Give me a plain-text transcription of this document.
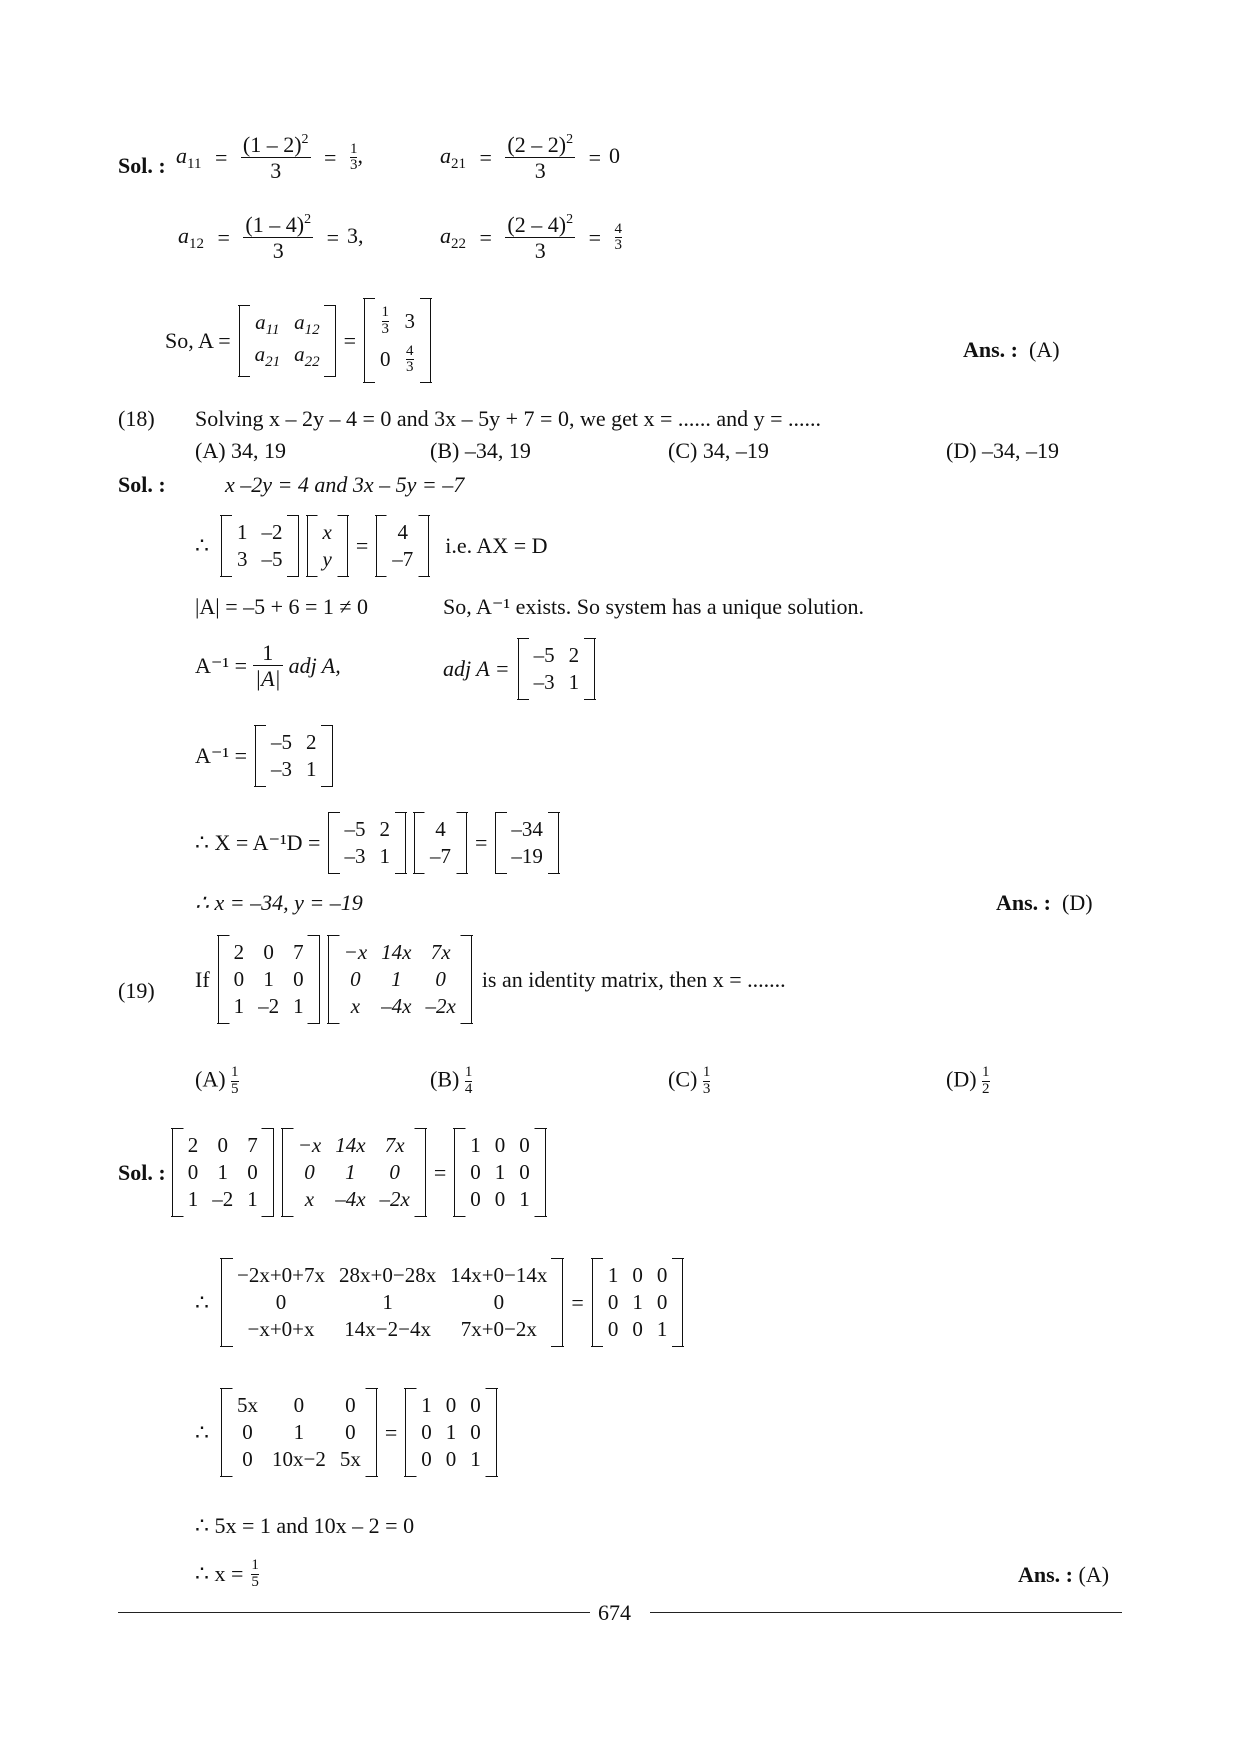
Sol. : $a_{11} = \frac{(1 - 2)^2}{3} = \frac{1}{3}$ ,	$a_{21} = \frac{(2 - 2)^2}{3} = 0$
$a_{12} = \frac{(1 - 4)^2}{3} = 3$,	$a_{22} = \frac{(2 - 4)^2}{3} = \frac{4}{3}$
So, A =
$a_{11}$	$a_{12}$
$a_{21}$	$a_{22}$
=
$\frac{1}{3}$	3
0	$\frac{4}{3}$	Ans. : (A)
(18) Solving x – 2y – 4 = 0 and 3x – 5y + 7 = 0, we get x = ...... and y = ......
(A) 34, 19	(B) –34, 19	(C) 34, –19	(D) –34, –19
Sol. :	x –2y = 4 and 3x – 5y = –7
∴
1	–2
3	–5
x
y
=
4
–7
i.e. AX = D
|A| = –5 + 6 = 1 ≠ 0	So, A⁻¹ exists. So system has a unique solution.
$A^{-1} = \frac{1}{|A|}$ adj A,	adj A =
–5	2
–3	1
A⁻¹ =
–5	2
–3	1
∴ X = A⁻¹D =
–5	2
–3	1
4
–7
=
–34
–19
∴ x = –34, y = –19	Ans. : (D)
(19) If
2	0	7
0	1	0
1	–2	1
−x	14x	7x
0	1	0
x	–4x	–2x
is an identity matrix, then x = .......
$(A) \frac{1}{5}$	$(B) \frac{1}{4}$	$(C) \frac{1}{3}$	$(D) \frac{1}{2}$
Sol. :
2	0	7
0	1	0
1	–2	1
−x	14x	7x
0	1	0
x	–4x	–2x
=
1	0	0
0	1	0
0	0	1
∴
−2x+0+7x	28x+0−28x	14x+0−14x
0	1	0
−x+0+x	14x−2−4x	7x+0−2x
=
1	0	0
0	1	0
0	0	1
∴
5x	0	0
0	1	0
0	10x−2	5x
=
1	0	0
0	1	0
0	0	1
∴ 5x = 1 and 10x – 2 = 0
∴ $x = \frac{1}{5}$	Ans. : (A)
674
